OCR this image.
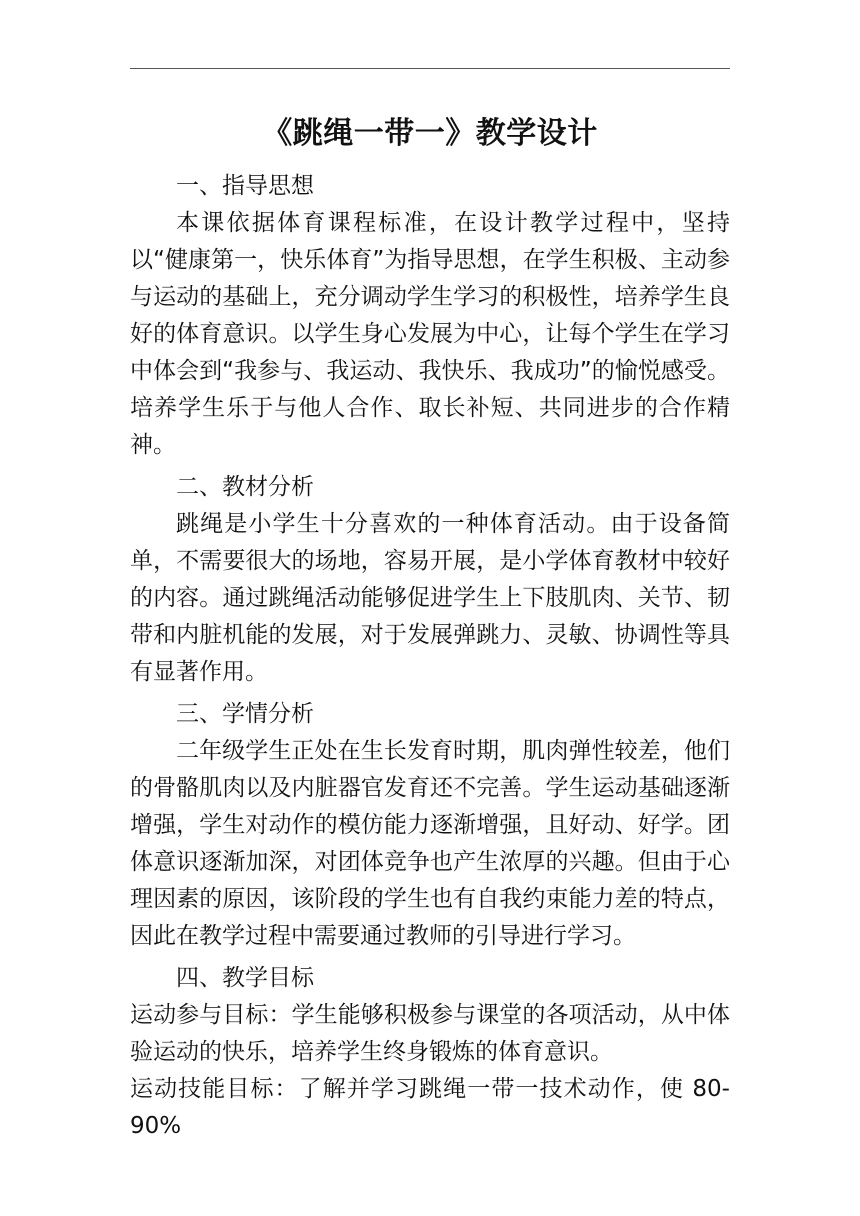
《跳绳一带一》教学设计
一、指导思想

本课依据体育课程标准，在设计教学过程中，坚持以“健康第一，快乐体育”为指导思想，在学生积极、主动参与运动的基础上，充分调动学生学习的积极性，培养学生良好的体育意识。以学生身心发展为中心，让每个学生在学习中体会到“我参与、我运动、我快乐、我成功”的愉悦感受。培养学生乐于与他人合作、取长补短、共同进步的合作精神。

二、教材分析

跳绳是小学生十分喜欢的一种体育活动。由于设备简单，不需要很大的场地，容易开展，是小学体育教材中较好的内容。通过跳绳活动能够促进学生上下肢肌肉、关节、韧带和内脏机能的发展，对于发展弹跳力、灵敏、协调性等具有显著作用。

三、学情分析

二年级学生正处在生长发育时期，肌肉弹性较差，他们的骨骼肌肉以及内脏器官发育还不完善。学生运动基础逐渐增强，学生对动作的模仿能力逐渐增强，且好动、好学。团体意识逐渐加深，对团体竞争也产生浓厚的兴趣。但由于心理因素的原因，该阶段的学生也有自我约束能力差的特点，因此在教学过程中需要通过教师的引导进行学习。

四、教学目标

运动参与目标：学生能够积极参与课堂的各项活动，从中体验运动的快乐，培养学生终身锻炼的体育意识。

运动技能目标：了解并学习跳绳一带一技术动作，使 80-90%
